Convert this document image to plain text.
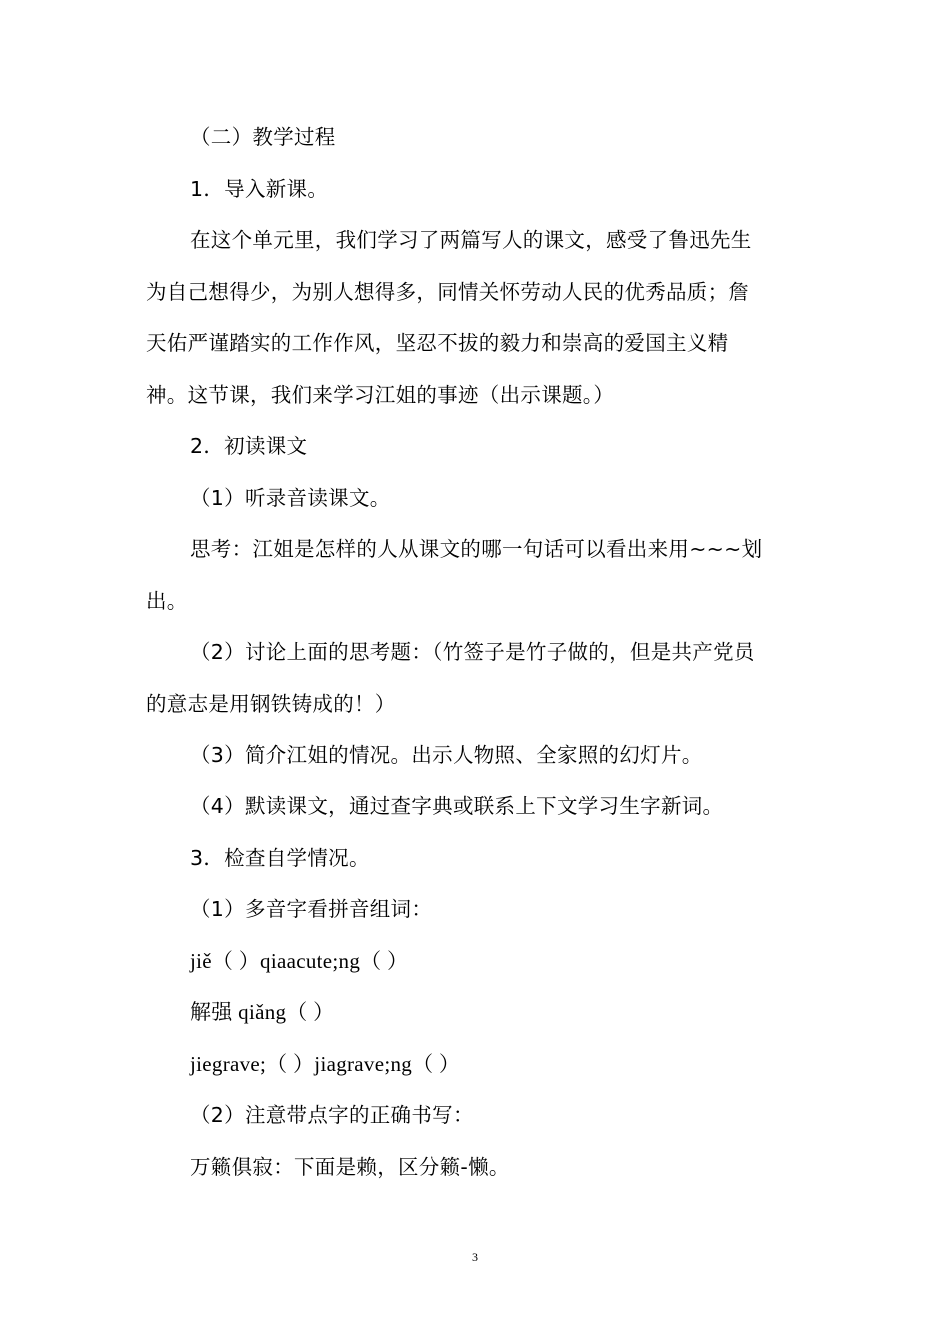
（二）教学过程
1．导入新课。
在这个单元里，我们学习了两篇写人的课文，感受了鲁迅先生
为自己想得少，为别人想得多，同情关怀劳动人民的优秀品质；詹
天佑严谨踏实的工作作风，坚忍不拔的毅力和崇高的爱国主义精
神。这节课，我们来学习江姐的事迹（出示课题。）
2．初读课文
（1）听录音读课文。
思考：江姐是怎样的人从课文的哪一句话可以看出来用~~~划
出。
（2）讨论上面的思考题：（竹签子是竹子做的，但是共产党员
的意志是用钢铁铸成的！）
（3）简介江姐的情况。出示人物照、全家照的幻灯片。
（4）默读课文，通过查字典或联系上下文学习生字新词。
3．检查自学情况。
（1）多音字看拼音组词：
jiě（ ）qiaacute;ng（ ）
解强 qiǎng（ ）
jiegrave;（ ）jiagrave;ng（ ）
（2）注意带点字的正确书写：
万籁俱寂：下面是赖，区分籁-懒。
3
